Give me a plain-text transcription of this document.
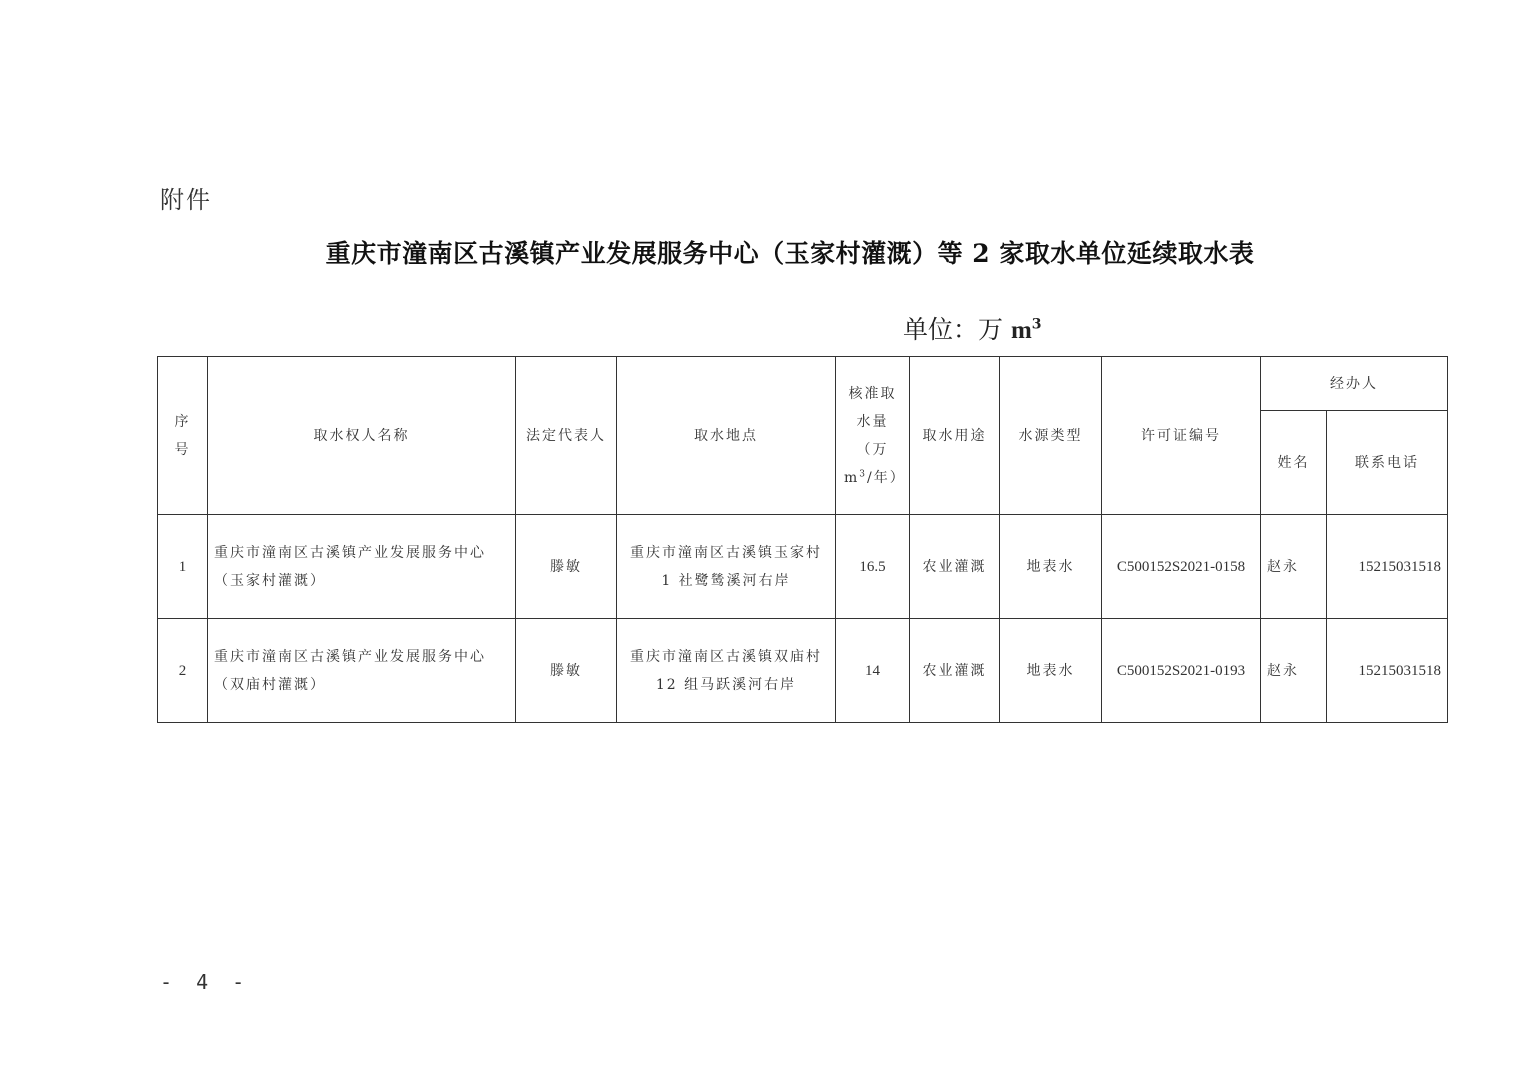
附件
重庆市潼南区古溪镇产业发展服务中心（玉家村灌溉）等 2 家取水单位延续取水表
单位：万 $m^3$
序号	取水权人名称	法定代表人	取水地点	核准取水量（万 $m^3/$年）	取水用途	水源类型	许可证编号	经办人	
								姓名	联系电话
1	重庆市潼南区古溪镇产业发展服务中心（玉家村灌溉）	滕敏	重庆市潼南区古溪镇玉家村 1 社鹭鸶溪河右岸	16.5	农业灌溉	地表水	C500152S2021-0158	赵永	15215031518
2	重庆市潼南区古溪镇产业发展服务中心（双庙村灌溉）	滕敏	重庆市潼南区古溪镇双庙村 12 组马跃溪河右岸	14	农业灌溉	地表水	C500152S2021-0193	赵永	15215031518
- 4 -
